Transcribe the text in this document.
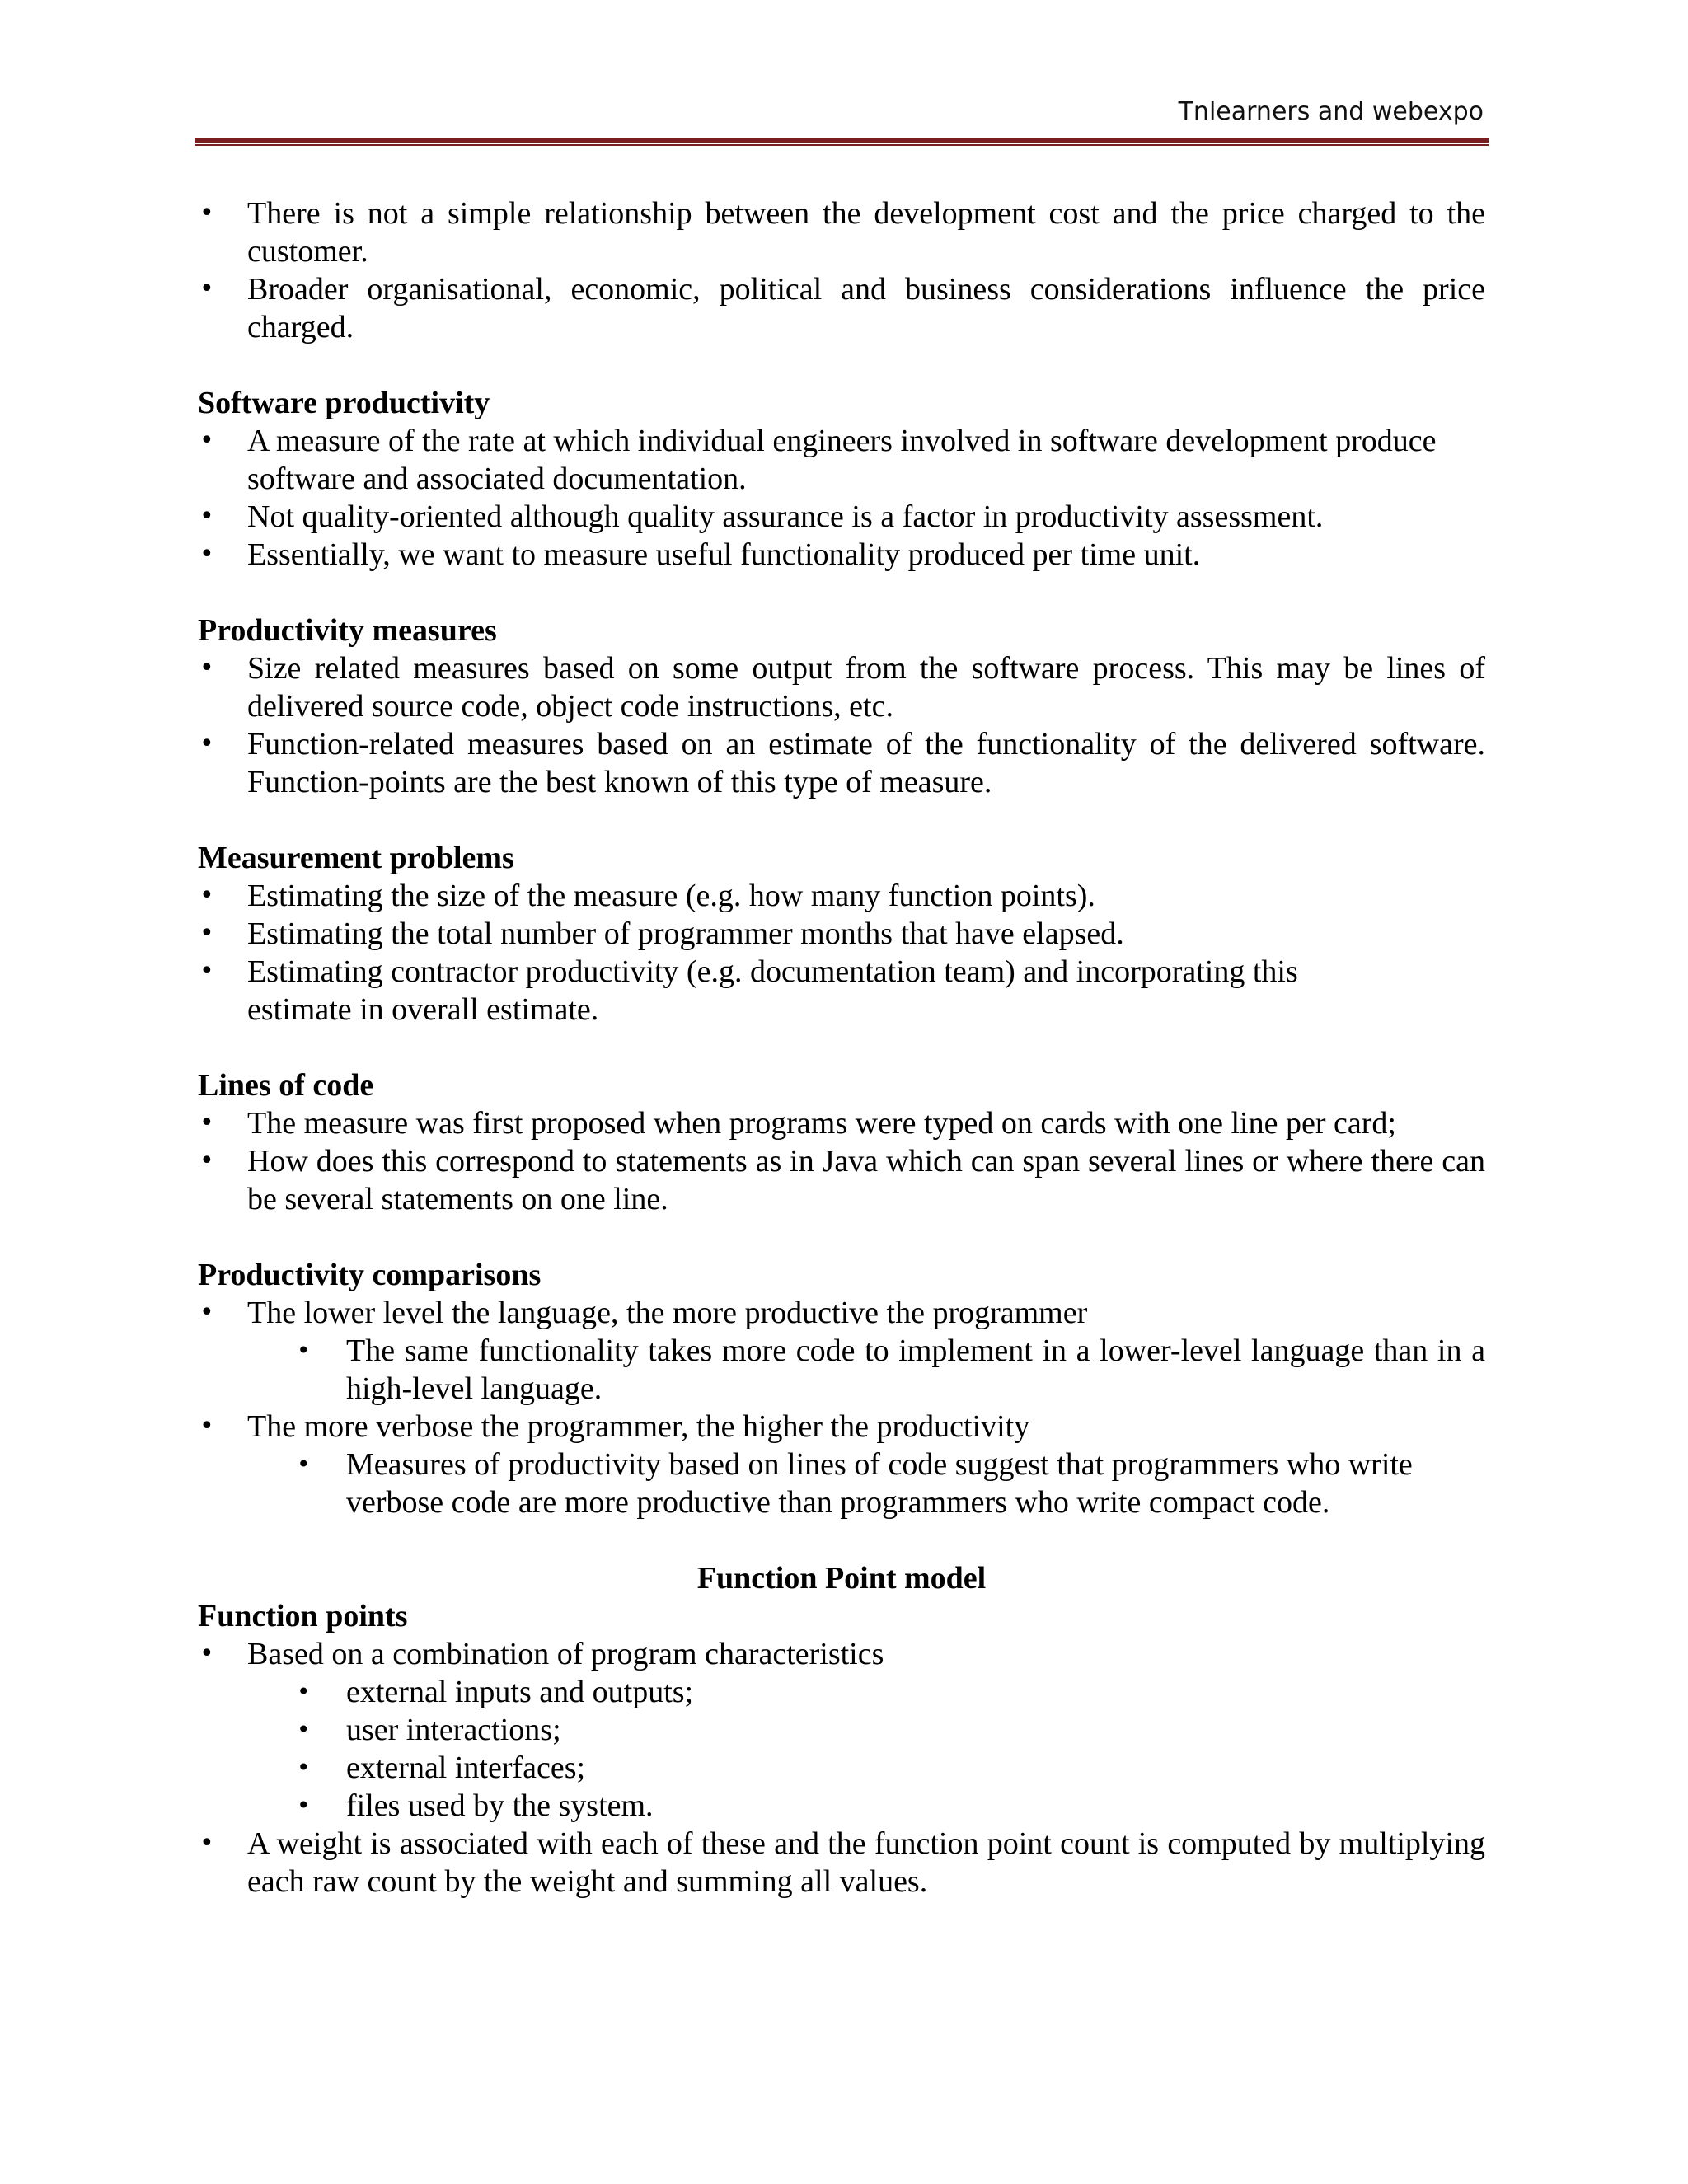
Tnlearners and webexpo
• There is not a simple relationship between the development cost and the price charged to the customer.
• Broader organisational, economic, political and business considerations influence the price charged.

Software productivity

• A measure of the rate at which individual engineers involved in software development produce software and associated documentation.
• Not quality-oriented although quality assurance is a factor in productivity assessment.
• Essentially, we want to measure useful functionality produced per time unit.

Productivity measures

• Size related measures based on some output from the software process. This may be lines of delivered source code, object code instructions, etc.
• Function-related measures based on an estimate of the functionality of the delivered software. Function-points are the best known of this type of measure.

Measurement problems

• Estimating the size of the measure (e.g. how many function points).
• Estimating the total number of programmer months that have elapsed.
• Estimating contractor productivity (e.g. documentation team) and incorporating this estimate in overall estimate.

Lines of code

• The measure was first proposed when programs were typed on cards with one line per card;
• How does this correspond to statements as in Java which can span several lines or where there can be several statements on one line.

Productivity comparisons

• The lower level the language, the more productive the programmer
• The same functionality takes more code to implement in a lower-level language than in a high-level language.
• The more verbose the programmer, the higher the productivity
• Measures of productivity based on lines of code suggest that programmers who write verbose code are more productive than programmers who write compact code.

Function Point model

Function points

• Based on a combination of program characteristics
• external inputs and outputs;
• user interactions;
• external interfaces;
• files used by the system.
• A weight is associated with each of these and the function point count is computed by multiplying each raw count by the weight and summing all values.
